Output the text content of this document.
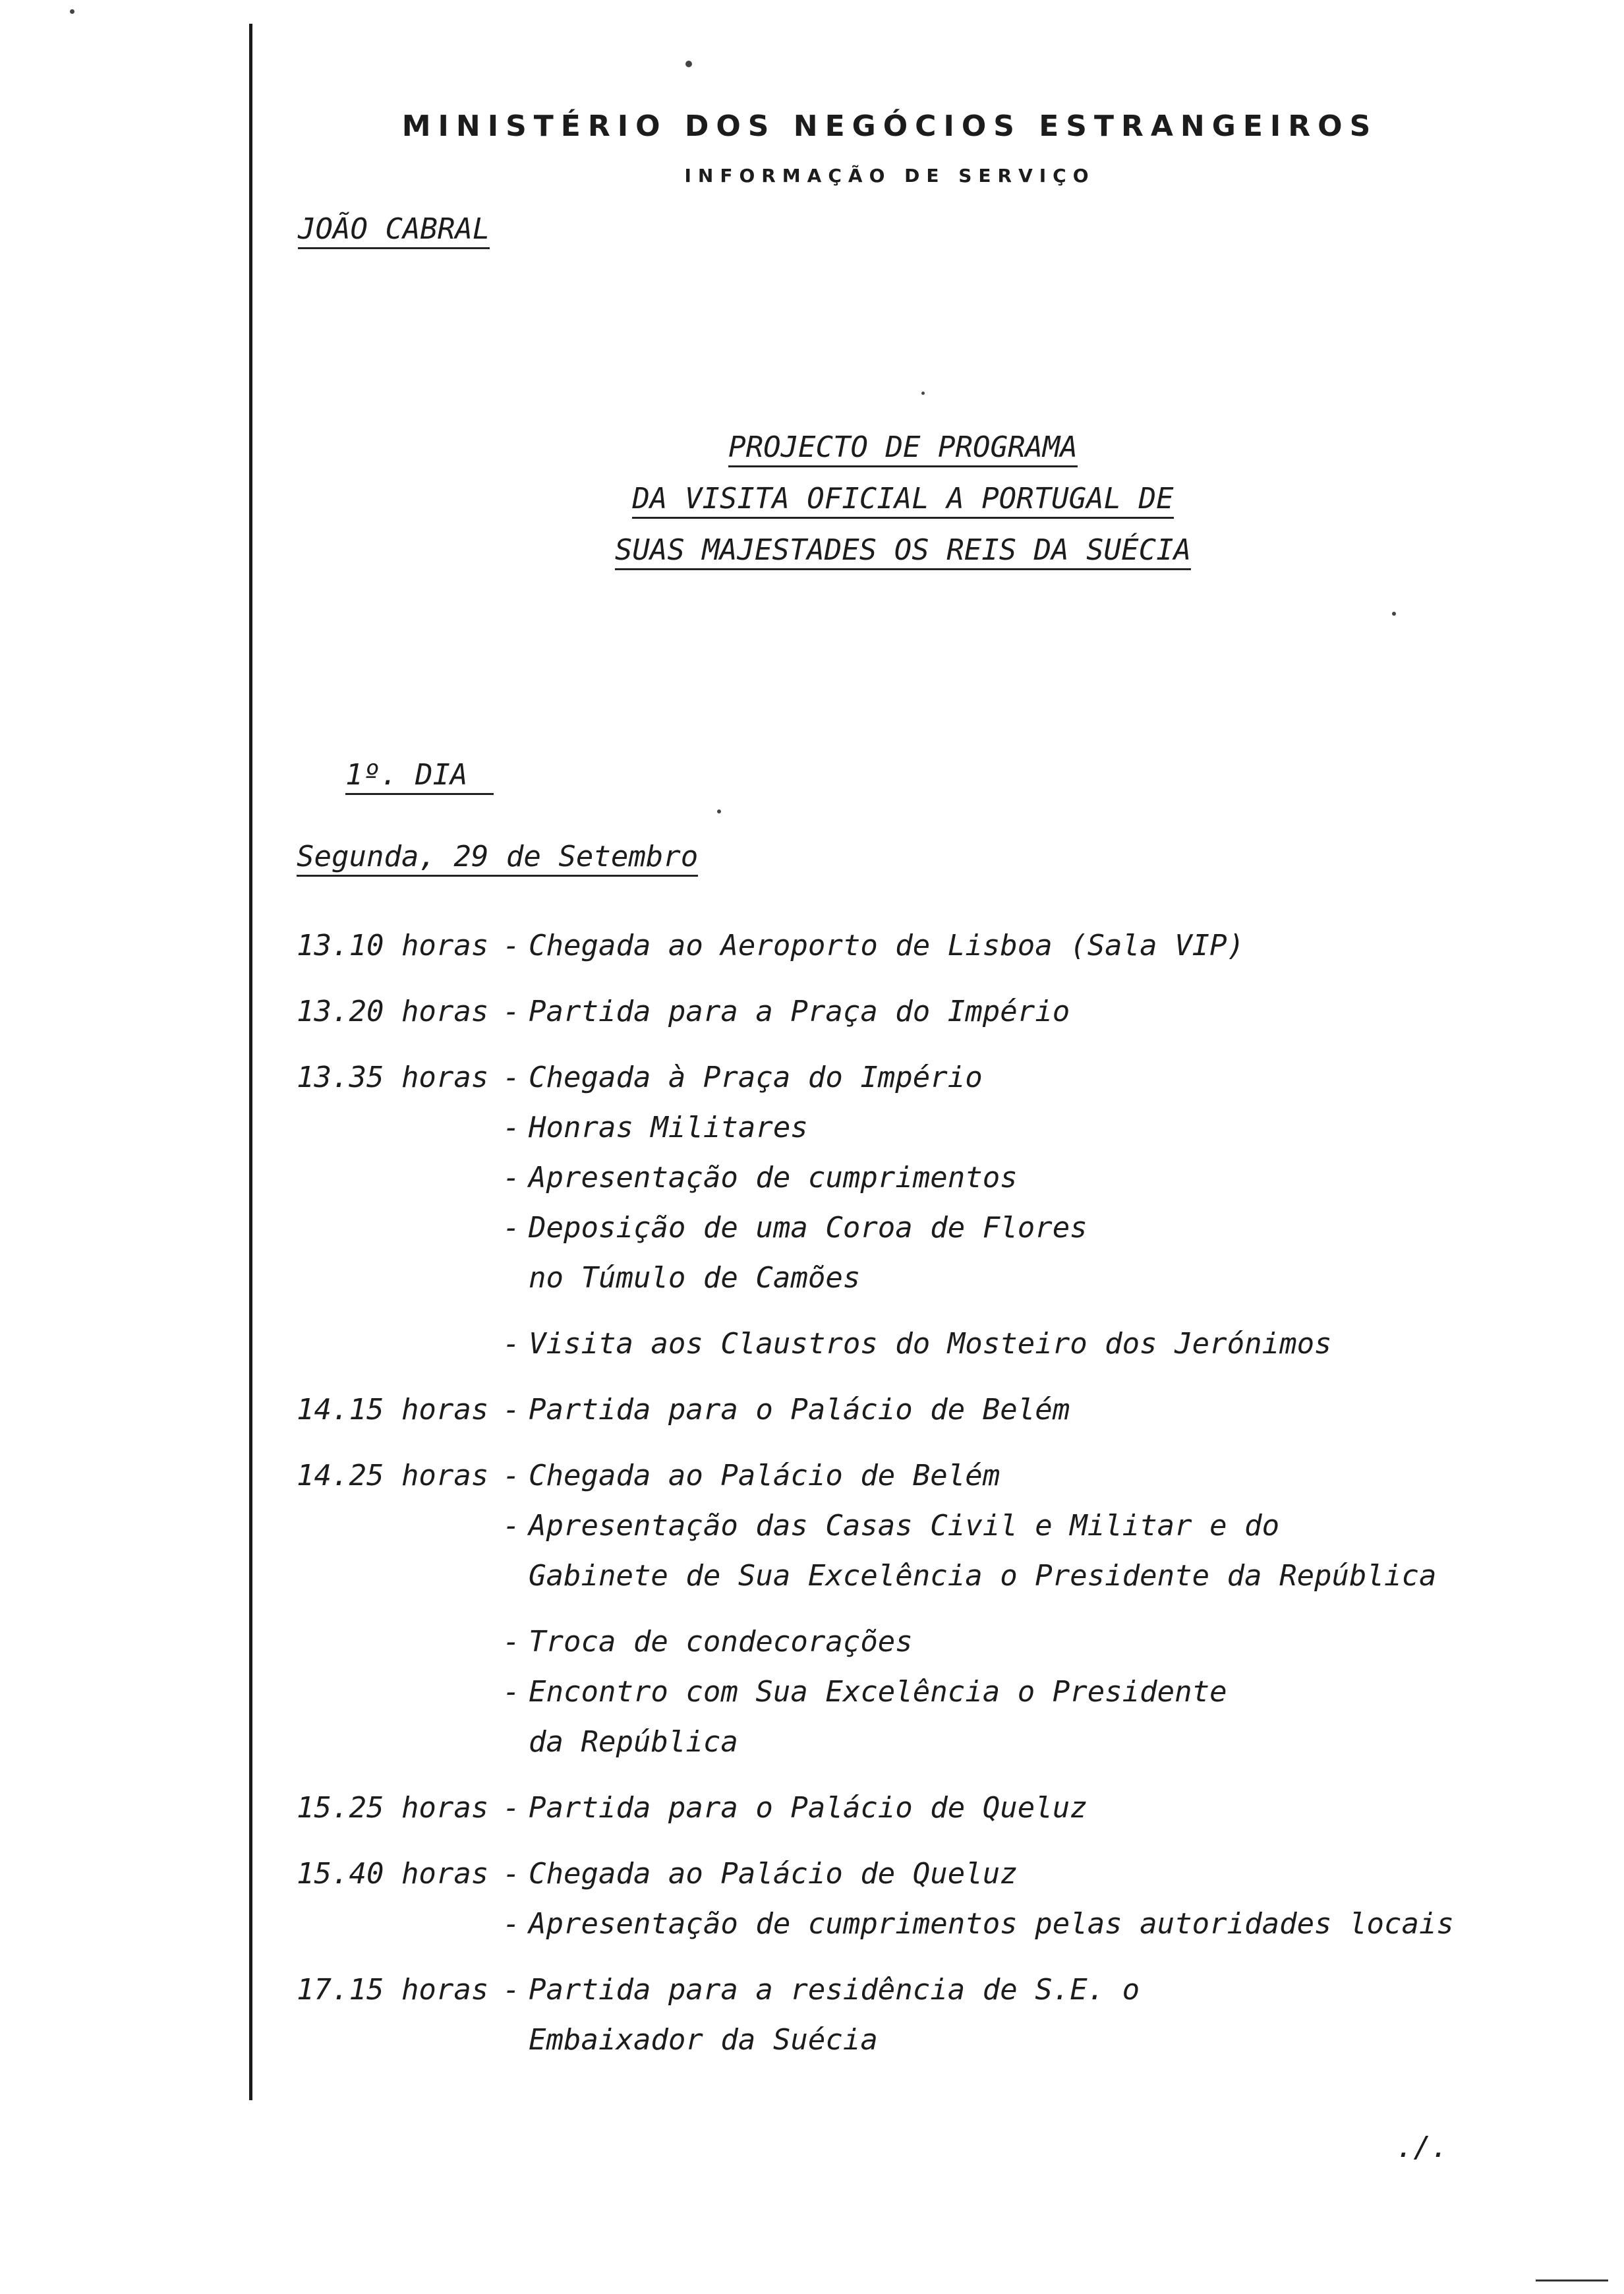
MINISTÉRIO DOS NEGÓCIOS ESTRANGEIROS
INFORMAÇÃO DE SERVIÇO
JOÃO CABRAL
PROJECTO DE PROGRAMA
DA VISITA OFICIAL A PORTUGAL DE
SUAS MAJESTADES OS REIS DA SUÉCIA
1º. DIA
Segunda, 29 de Setembro
13.10 horas - Chegada ao Aeroporto de Lisboa (Sala VIP)
13.20 horas - Partida para a Praça do Império
13.35 horas - Chegada à Praça do Império
- Honras Militares
- Apresentação de cumprimentos
- Deposição de uma Coroa de Flores
no Túmulo de Camões
- Visita aos Claustros do Mosteiro dos Jerónimos
14.15 horas - Partida para o Palácio de Belém
14.25 horas - Chegada ao Palácio de Belém
- Apresentação das Casas Civil e Militar e do
Gabinete de Sua Excelência o Presidente da República
- Troca de condecorações
- Encontro com Sua Excelência o Presidente
da República
15.25 horas - Partida para o Palácio de Queluz
15.40 horas - Chegada ao Palácio de Queluz
- Apresentação de cumprimentos pelas autoridades locais
17.15 horas - Partida para a residência de S.E. o
Embaixador da Suécia
./.
